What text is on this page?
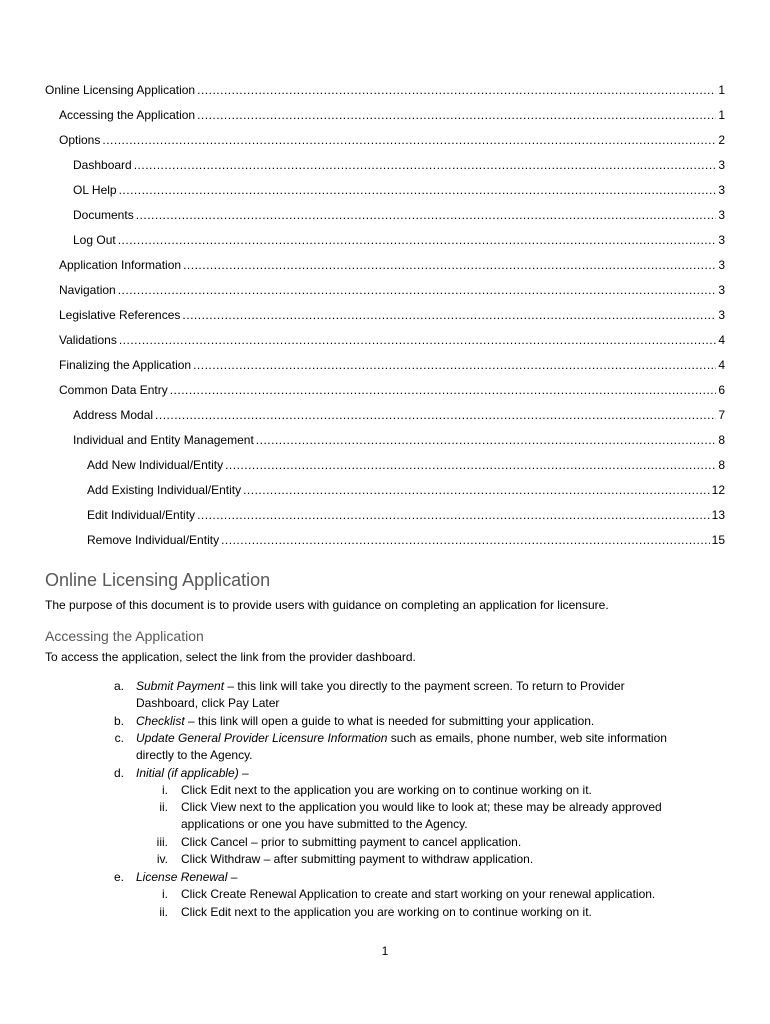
Online Licensing Application .....	1
Accessing the Application .....	1
Options .....	2
Dashboard .....	3
OL Help .....	3
Documents .....	3
Log Out .....	3
Application Information .....	3
Navigation .....	3
Legislative References .....	3
Validations .....	4
Finalizing the Application .....	4
Common Data Entry .....	6
Address Modal .....	7
Individual and Entity Management .....	8
Add New Individual/Entity .....	8
Add Existing Individual/Entity .....	12
Edit Individual/Entity .....	13
Remove Individual/Entity .....	15
Online Licensing Application
The purpose of this document is to provide users with guidance on completing an application for licensure.
Accessing the Application
To access the application, select the link from the provider dashboard.
a. Submit Payment – this link will take you directly to the payment screen. To return to Provider
Dashboard, click Pay Later
b. Checklist – this link will open a guide to what is needed for submitting your application.
c. Update General Provider Licensure Information such as emails, phone number, web site information
directly to the Agency.
d. Initial (if applicable) –
i. Click Edit next to the application you are working on to continue working on it.
ii. Click View next to the application you would like to look at; these may be already approved
applications or one you have submitted to the Agency.
iii. Click Cancel – prior to submitting payment to cancel application.
iv. Click Withdraw – after submitting payment to withdraw application.
e. License Renewal –
i. Click Create Renewal Application to create and start working on your renewal application.
ii. Click Edit next to the application you are working on to continue working on it.
1
